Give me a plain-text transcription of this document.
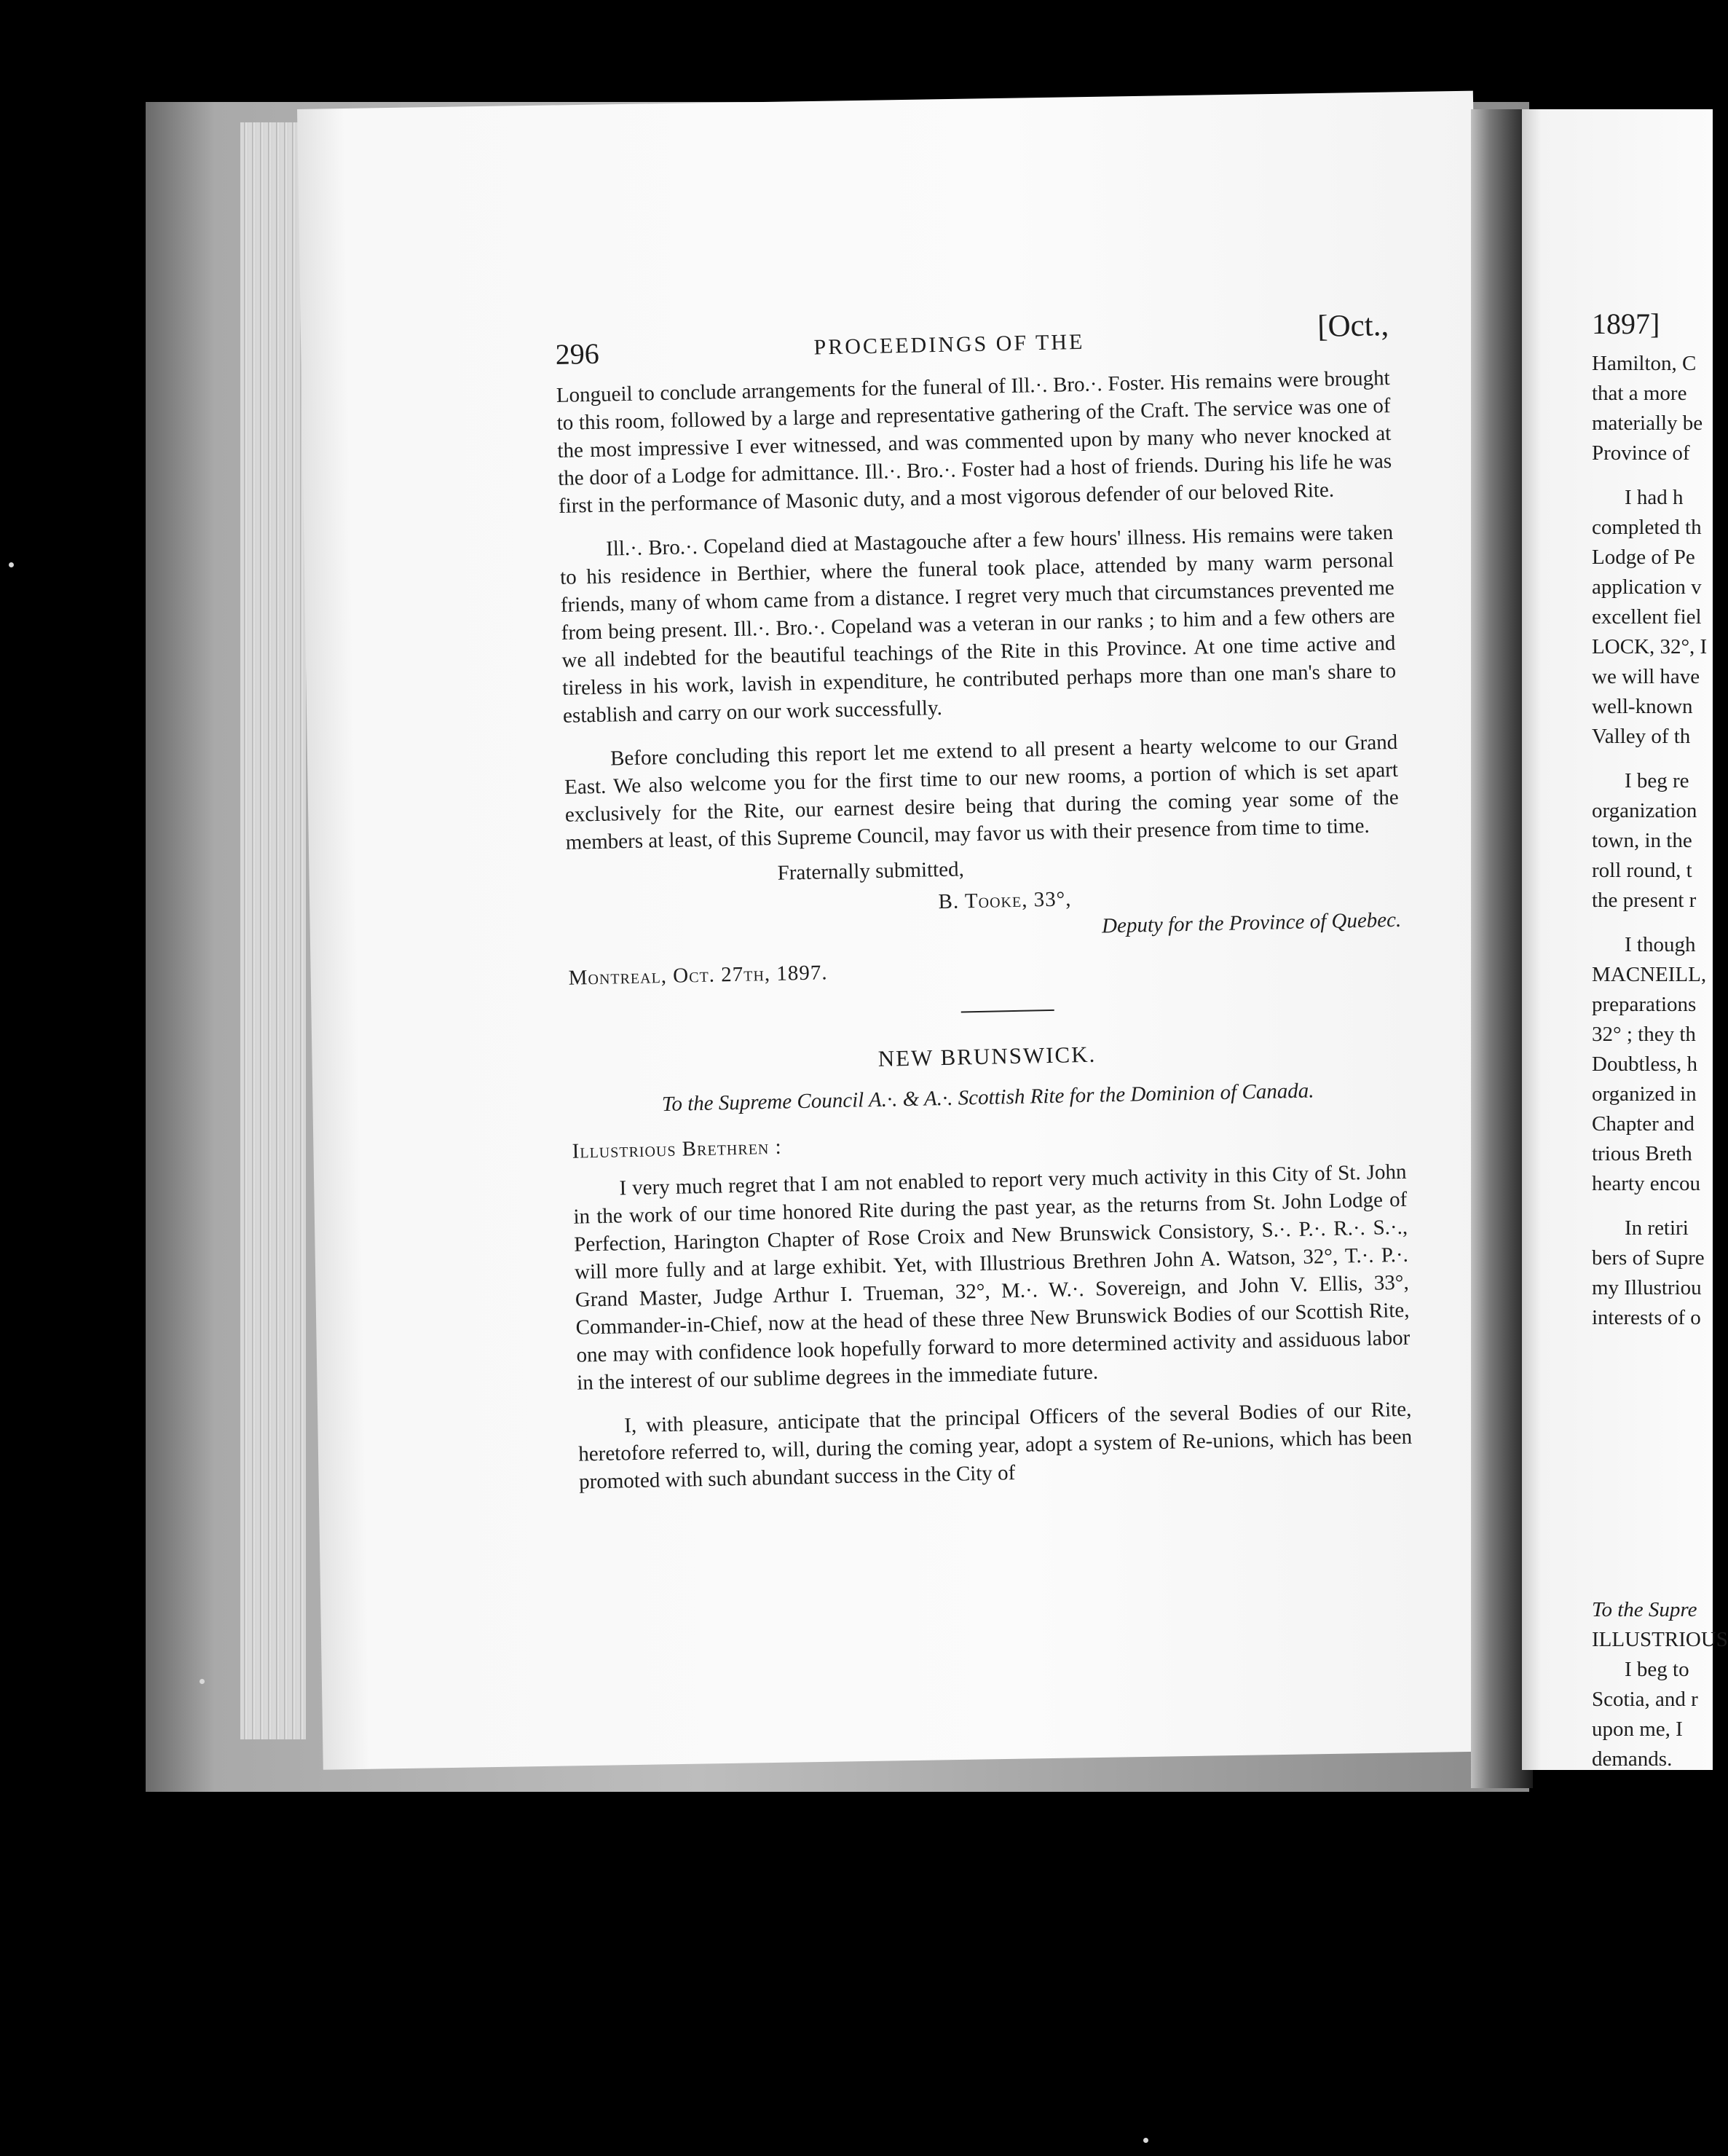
296	PROCEEDINGS OF THE
[Oct.,

Longueil to conclude arrangements for the funeral of Ill.·. Bro.·. Foster. His remains were brought to this room, followed by a large and representative gathering of the Craft. The service was one of the most impressive I ever witnessed, and was commented upon by many who never knocked at the door of a Lodge for admittance. Ill.·. Bro.·. Foster had a host of friends. During his life he was first in the performance of Masonic duty, and a most vigorous defender of our beloved Rite.

Ill.·. Bro.·. Copeland died at Mastagouche after a few hours' illness. His remains were taken to his residence in Berthier, where the funeral took place, attended by many warm personal friends, many of whom came from a distance. I regret very much that circumstances prevented me from being present. Ill.·. Bro.·. Copeland was a veteran in our ranks ; to him and a few others are we all indebted for the beautiful teachings of the Rite in this Province. At one time active and tireless in his work, lavish in expenditure, he contributed perhaps more than one man's share to establish and carry on our work successfully.

Before concluding this report let me extend to all present a hearty welcome to our Grand East. We also welcome you for the first time to our new rooms, a portion of which is set apart exclusively for the Rite, our earnest desire being that during the coming year some of the members at least, of this Supreme Council, may favor us with their presence from time to time.

Fraternally submitted,
B. Tooke, 33°,
Deputy for the Province of Quebec.
Montreal, Oct. 27th, 1897.
NEW BRUNSWICK.
To the Supreme Council A.·. & A.·. Scottish Rite for the Dominion of Canada.
Illustrious Brethren :

I very much regret that I am not enabled to report very much activity in this City of St. John in the work of our time honored Rite during the past year, as the returns from St. John Lodge of Perfection, Harington Chapter of Rose Croix and New Brunswick Consistory, S.·. P.·. R.·. S.·., will more fully and at large exhibit. Yet, with Illustrious Brethren John A. Watson, 32°, T.·. P.·. Grand Master, Judge Arthur I. Trueman, 32°, M.·. W.·. Sovereign, and John V. Ellis, 33°, Commander-in-Chief, now at the head of these three New Brunswick Bodies of our Scottish Rite, one may with confidence look hopefully forward to more determined activity and assiduous labor in the interest of our sublime degrees in the immediate future.

I, with pleasure, anticipate that the principal Officers of the several Bodies of our Rite, heretofore referred to, will, during the coming year, adopt a system of Re-unions, which has been promoted with such abundant success in the City of

1897]
Hamilton, C
that a more
materially be
Province of
I had h
completed th
Lodge of Pe
application v
excellent fiel
LOCK, 32°, I
we will have
well-known
Valley of th
I beg re
organization
town, in the
roll round, t
the present r
I though
MACNEILL,
preparations
32° ; they th
Doubtless, h
organized in
Chapter and
trious Breth
hearty encou
In retiri
bers of Supre
my Illustriou
interests of o
To the Supre
ILLUSTRIOUS
I beg to
Scotia, and r
upon me, I
demands.
